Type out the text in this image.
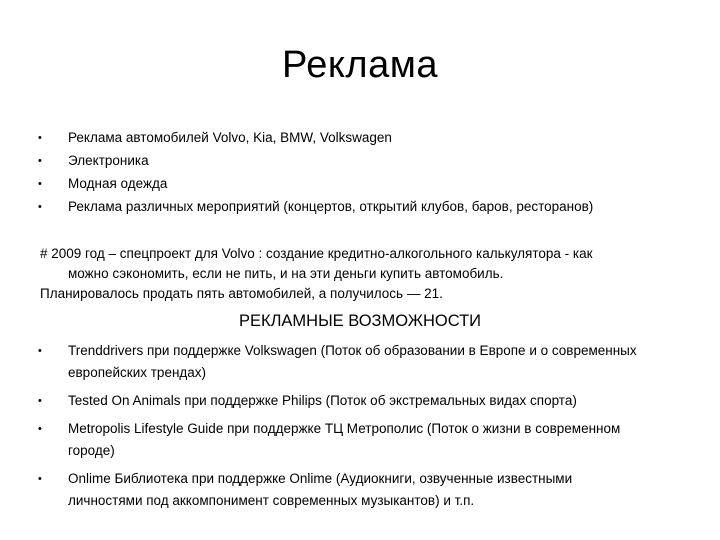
Реклама
• Реклама автомобилей Volvo, Kia, BMW, Volkswagen
• Электроника
• Модная одежда
• Реклама различных мероприятий (концертов, открытий клубов, баров, ресторанов)
# 2009 год – спецпроект для Volvo : создание кредитно-алкогольного калькулятора - как
можно сэкономить, если не пить, и на эти деньги купить автомобиль.
Планировалось продать пять автомобилей, а получилось — 21.
РЕКЛАМНЫЕ ВОЗМОЖНОСТИ
• Trenddrivers при поддержке Volkswagen (Поток об образовании в Европе и о современных европейских трендах)
• Tested On Animals при поддержке Philips (Поток об экстремальных видах спорта)
• Metropolis Lifestyle Guide при поддержке ТЦ Метрополис (Поток о жизни в современном городе)
• Onlime Библиотека при поддержке Onlime (Аудиокниги, озвученные известными личностями под аккомпонимент современных музыкантов) и т.п.
